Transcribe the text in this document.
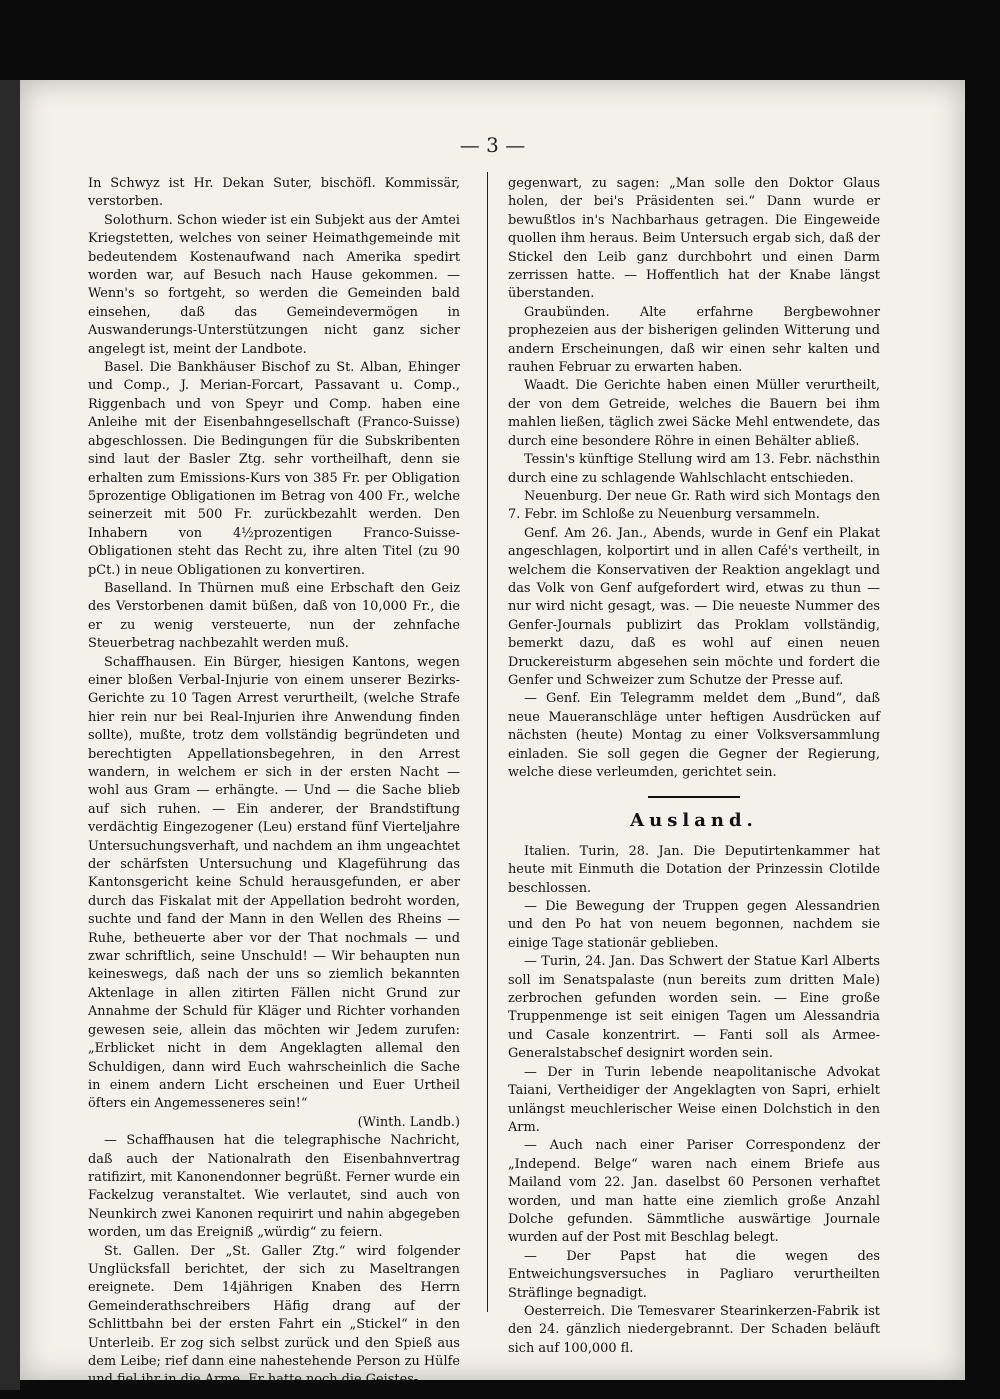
— 3 —

In Schwyz ist Hr. Dekan Suter, bischöfl. Kommissär, verstorben.

Solothurn. Schon wieder ist ein Subjekt aus der Amtei Kriegstetten, welches von seiner Heimathgemeinde mit bedeutendem Kostenaufwand nach Amerika spedirt worden war, auf Besuch nach Hause gekommen. — Wenn's so fortgeht, so werden die Gemeinden bald einsehen, daß das Gemeindevermögen in Auswanderungs-Unterstützungen nicht ganz sicher angelegt ist, meint der Landbote.

Basel. Die Bankhäuser Bischof zu St. Alban, Ehinger und Comp., J. Merian-Forcart, Passavant u. Comp., Riggenbach und von Speyr und Comp. haben eine Anleihe mit der Eisenbahngesellschaft (Franco-Suisse) abgeschlossen. Die Bedingungen für die Subskribenten sind laut der Basler Ztg. sehr vortheilhaft, denn sie erhalten zum Emissions-Kurs von 385 Fr. per Obligation 5prozentige Obligationen im Betrag von 400 Fr., welche seinerzeit mit 500 Fr. zurückbezahlt werden. Den Inhabern von 4½prozentigen Franco-Suisse-Obligationen steht das Recht zu, ihre alten Titel (zu 90 pCt.) in neue Obligationen zu konvertiren.

Baselland. In Thürnen muß eine Erbschaft den Geiz des Verstorbenen damit büßen, daß von 10,000 Fr., die er zu wenig versteuerte, nun der zehnfache Steuerbetrag nachbezahlt werden muß.

Schaffhausen. Ein Bürger, hiesigen Kantons, wegen einer bloßen Verbal-Injurie von einem unserer Bezirks-Gerichte zu 10 Tagen Arrest verurtheilt, (welche Strafe hier rein nur bei Real-Injurien ihre Anwendung finden sollte), mußte, trotz dem vollständig begründeten und berechtigten Appellationsbegehren, in den Arrest wandern, in welchem er sich in der ersten Nacht — wohl aus Gram — erhängte. — Und — die Sache blieb auf sich ruhen. — Ein anderer, der Brandstiftung verdächtig Eingezogener (Leu) erstand fünf Vierteljahre Untersuchungsverhaft, und nachdem an ihm ungeachtet der schärfsten Untersuchung und Klageführung das Kantonsgericht keine Schuld herausgefunden, er aber durch das Fiskalat mit der Appellation bedroht worden, suchte und fand der Mann in den Wellen des Rheins — Ruhe, betheuerte aber vor der That nochmals — und zwar schriftlich, seine Unschuld! — Wir behaupten nun keineswegs, daß nach der uns so ziemlich bekannten Aktenlage in allen zitirten Fällen nicht Grund zur Annahme der Schuld für Kläger und Richter vorhanden gewesen seie, allein das möchten wir Jedem zurufen: „Erblicket nicht in dem Angeklagten allemal den Schuldigen, dann wird Euch wahrscheinlich die Sache in einem andern Licht erscheinen und Euer Urtheil öfters ein Angemesseneres sein!“

(Winth. Landb.)

— Schaffhausen hat die telegraphische Nachricht, daß auch der Nationalrath den Eisenbahnvertrag ratifizirt, mit Kanonendonner begrüßt. Ferner wurde ein Fackelzug veranstaltet. Wie verlautet, sind auch von Neunkirch zwei Kanonen requirirt und nahin abgegeben worden, um das Ereigniß „würdig“ zu feiern.

St. Gallen. Der „St. Galler Ztg.“ wird folgender Unglücksfall berichtet, der sich zu Maseltrangen ereignete. Dem 14jährigen Knaben des Herrn Gemeinderathschreibers Häfig drang auf der Schlittbahn bei der ersten Fahrt ein „Stickel“ in den Unterleib. Er zog sich selbst zurück und den Spieß aus dem Leibe; rief dann eine nahestehende Person zu Hülfe und fiel ihr in die Arme. Er hatte noch die Geistes-

gegenwart, zu sagen: „Man solle den Doktor Glaus holen, der bei's Präsidenten sei.“ Dann wurde er bewußtlos in's Nachbarhaus getragen. Die Eingeweide quollen ihm heraus. Beim Untersuch ergab sich, daß der Stickel den Leib ganz durchbohrt und einen Darm zerrissen hatte. — Hoffentlich hat der Knabe längst überstanden.

Graubünden. Alte erfahrne Bergbewohner prophezeien aus der bisherigen gelinden Witterung und andern Erscheinungen, daß wir einen sehr kalten und rauhen Februar zu erwarten haben.

Waadt. Die Gerichte haben einen Müller verurtheilt, der von dem Getreide, welches die Bauern bei ihm mahlen ließen, täglich zwei Säcke Mehl entwendete, das durch eine besondere Röhre in einen Behälter abließ.

Tessin's künftige Stellung wird am 13. Febr. nächsthin durch eine zu schlagende Wahlschlacht entschieden.

Neuenburg. Der neue Gr. Rath wird sich Montags den 7. Febr. im Schloße zu Neuenburg versammeln.

Genf. Am 26. Jan., Abends, wurde in Genf ein Plakat angeschlagen, kolportirt und in allen Café's vertheilt, in welchem die Konservativen der Reaktion angeklagt und das Volk von Genf aufgefordert wird, etwas zu thun — nur wird nicht gesagt, was. — Die neueste Nummer des Genfer-Journals publizirt das Proklam vollständig, bemerkt dazu, daß es wohl auf einen neuen Druckereisturm abgesehen sein möchte und fordert die Genfer und Schweizer zum Schutze der Presse auf.

— Genf. Ein Telegramm meldet dem „Bund“, daß neue Maueranschläge unter heftigen Ausdrücken auf nächsten (heute) Montag zu einer Volksversammlung einladen. Sie soll gegen die Gegner der Regierung, welche diese verleumden, gerichtet sein.

Ausland.

Italien. Turin, 28. Jan. Die Deputirtenkammer hat heute mit Einmuth die Dotation der Prinzessin Clotilde beschlossen.

— Die Bewegung der Truppen gegen Alessandrien und den Po hat von neuem begonnen, nachdem sie einige Tage stationär geblieben.

— Turin, 24. Jan. Das Schwert der Statue Karl Alberts soll im Senatspalaste (nun bereits zum dritten Male) zerbrochen gefunden worden sein. — Eine große Truppenmenge ist seit einigen Tagen um Alessandria und Casale konzentrirt. — Fanti soll als Armee-Generalstabschef designirt worden sein.

— Der in Turin lebende neapolitanische Advokat Taiani, Vertheidiger der Angeklagten von Sapri, erhielt unlängst meuchlerischer Weise einen Dolchstich in den Arm.

— Auch nach einer Pariser Correspondenz der „Independ. Belge“ waren nach einem Briefe aus Mailand vom 22. Jan. daselbst 60 Personen verhaftet worden, und man hatte eine ziemlich große Anzahl Dolche gefunden. Sämmtliche auswärtige Journale wurden auf der Post mit Beschlag belegt.

— Der Papst hat die wegen des Entweichungsversuches in Pagliaro verurtheilten Sträflinge begnadigt.

Oesterreich. Die Temesvarer Stearinkerzen-Fabrik ist den 24. gänzlich niedergebrannt. Der Schaden beläuft sich auf 100,000 fl.
